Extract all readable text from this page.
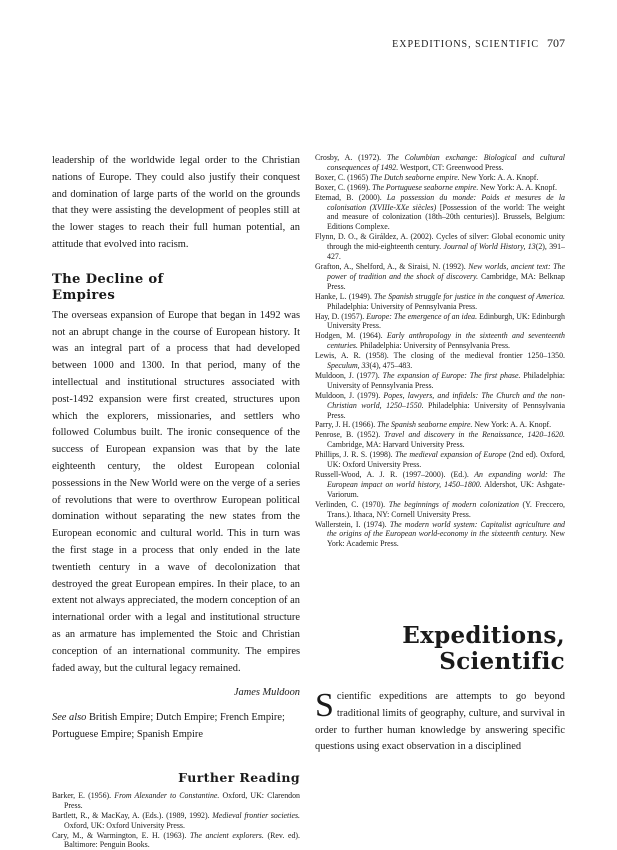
EXPEDITIONS, SCIENTIFIC 707

leadership of the worldwide legal order to the Christian nations of Europe. They could also justify their conquest and domination of large parts of the world on the grounds that they were assisting the development of peoples still at the lower stages to reach their full human potential, an attitude that evolved into racism.

The Decline of Empires

The overseas expansion of Europe that began in 1492 was not an abrupt change in the course of European history. It was an integral part of a process that had developed between 1000 and 1300. In that period, many of the intellectual and institutional structures associated with post-1492 expansion were first created, structures upon which the explorers, missionaries, and settlers who followed Columbus built. The ironic consequence of the success of European expansion was that by the late eighteenth century, the oldest European colonial possessions in the New World were on the verge of a series of revolutions that were to overthrow European political domination without separating the new states from the European economic and cultural world. This in turn was the first stage in a process that only ended in the late twentieth century in a wave of decolonization that destroyed the great European empires. In their place, to an extent not always appreciated, the modern conception of an international order with a legal and institutional structure as an armature has implemented the Stoic and Christian conception of an international community. The empires faded away, but the cultural legacy remained.

James Muldoon

See also British Empire; Dutch Empire; French Empire; Portuguese Empire; Spanish Empire

Further Reading
Barker, E. (1956). From Alexander to Constantine. Oxford, UK: Clarendon Press.
Bartlett, R., & MacKay, A. (Eds.). (1989, 1992). Medieval frontier societies. Oxford, UK: Oxford University Press.
Cary, M., & Warmington, E. H. (1963). The ancient explorers. (Rev. ed). Baltimore: Penguin Books.
Crosby, A. (1972). The Columbian exchange: Biological and cultural consequences of 1492. Westport, CT: Greenwood Press.
Boxer, C. (1965) The Dutch seaborne empire. New York: A. A. Knopf.
Boxer, C. (1969). The Portuguese seaborne empire. New York: A. A. Knopf.
Etemad, B. (2000). La possession du monde: Poids et mesures de la colonisation (XVIIIe-XXe siècles) [Possession of the world: The weight and measure of colonization (18th–20th centuries)]. Brussels, Belgium: Editions Complexe.
Flynn, D. O., & Giráldez, A. (2002). Cycles of silver: Global economic unity through the mid-eighteenth century. Journal of World History, 13(2), 391–427.
Grafton, A., Shelford, A., & Siraisi, N. (1992). New worlds, ancient text: The power of tradition and the shock of discovery. Cambridge, MA: Belknap Press.
Hanke, L. (1949). The Spanish struggle for justice in the conquest of America. Philadelphia: University of Pennsylvania Press.
Hay, D. (1957). Europe: The emergence of an idea. Edinburgh, UK: Edinburgh University Press.
Hodgen, M. (1964). Early anthropology in the sixteenth and seventeenth centuries. Philadelphia: University of Pennsylvania Press.
Lewis, A. R. (1958). The closing of the medieval frontier 1250–1350. Speculum, 33(4), 475–483.
Muldoon, J. (1977). The expansion of Europe: The first phase. Philadelphia: University of Pennsylvania Press.
Muldoon, J. (1979). Popes, lawyers, and infidels: The Church and the non-Christian world, 1250–1550. Philadelphia: University of Pennsylvania Press.
Parry, J. H. (1966). The Spanish seaborne empire. New York: A. A. Knopf.
Penrose, B. (1952). Travel and discovery in the Renaissance, 1420–1620. Cambridge, MA: Harvard University Press.
Phillips, J. R. S. (1998). The medieval expansion of Europe (2nd ed). Oxford, UK: Oxford University Press.
Russell-Wood, A. J. R. (1997–2000). (Ed.). An expanding world: The European impact on world history, 1450–1800. Aldershot, UK: Ashgate-Variorum.
Verlinden, C. (1970). The beginnings of modern colonization (Y. Freccero, Trans.). Ithaca, NY: Cornell University Press.
Wallerstein, I. (1974). The modern world system: Capitalist agriculture and the origins of the European world-economy in the sixteenth century. New York: Academic Press.
Expeditions,
Scientific

Scientific expeditions are attempts to go beyond traditional limits of geography, culture, and survival in order to further human knowledge by answering specific questions using exact observation in a disciplined
